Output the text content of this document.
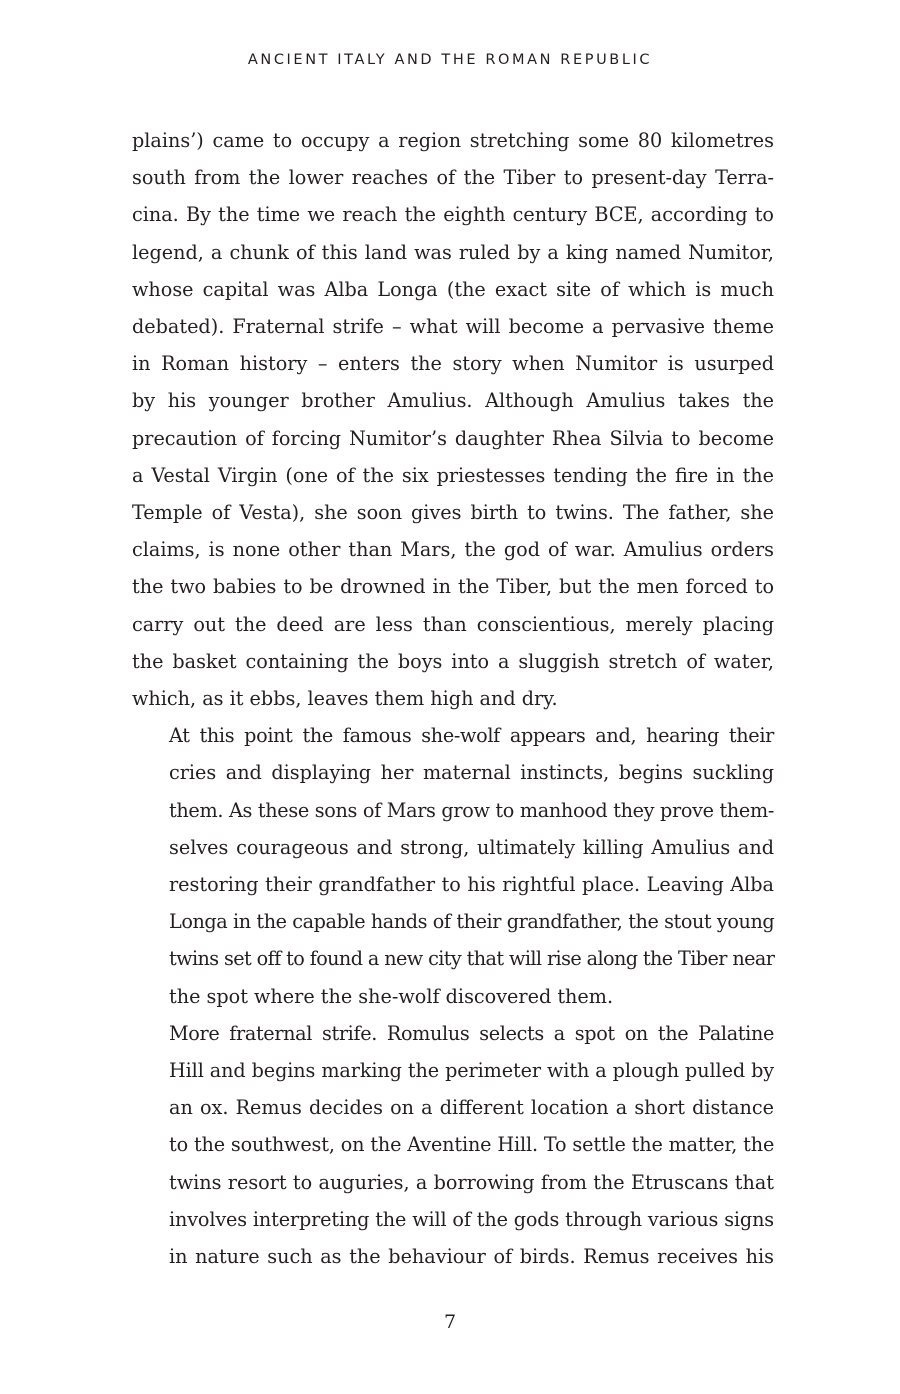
ANCIENT ITALY AND THE ROMAN REPUBLIC

plains’) came to occupy a region stretching some 80 kilometres
south from the lower reaches of the Tiber to present-day Terra-
cina. By the time we reach the eighth century BCE, according to
legend, a chunk of this land was ruled by a king named Numitor,
whose capital was Alba Longa (the exact site of which is much
debated). Fraternal strife – what will become a pervasive theme
in Roman history – enters the story when Numitor is usurped
by his younger brother Amulius. Although Amulius takes the
precaution of forcing Numitor’s daughter Rhea Silvia to become
a Vestal Virgin (one of the six priestesses tending the fire in the
Temple of Vesta), she soon gives birth to twins. The father, she
claims, is none other than Mars, the god of war. Amulius orders
the two babies to be drowned in the Tiber, but the men forced to
carry out the deed are less than conscientious, merely placing
the basket containing the boys into a sluggish stretch of water,
which, as it ebbs, leaves them high and dry.

At this point the famous she-wolf appears and, hearing their
cries and displaying her maternal instincts, begins suckling
them. As these sons of Mars grow to manhood they prove them-
selves courageous and strong, ultimately killing Amulius and
restoring their grandfather to his rightful place. Leaving Alba
Longa in the capable hands of their grandfather, the stout young
twins set off to found a new city that will rise along the Tiber near
the spot where the she-wolf discovered them.

More fraternal strife. Romulus selects a spot on the Palatine
Hill and begins marking the perimeter with a plough pulled by
an ox. Remus decides on a different location a short distance
to the southwest, on the Aventine Hill. To settle the matter, the
twins resort to auguries, a borrowing from the Etruscans that
involves interpreting the will of the gods through various signs
in nature such as the behaviour of birds. Remus receives his

7
